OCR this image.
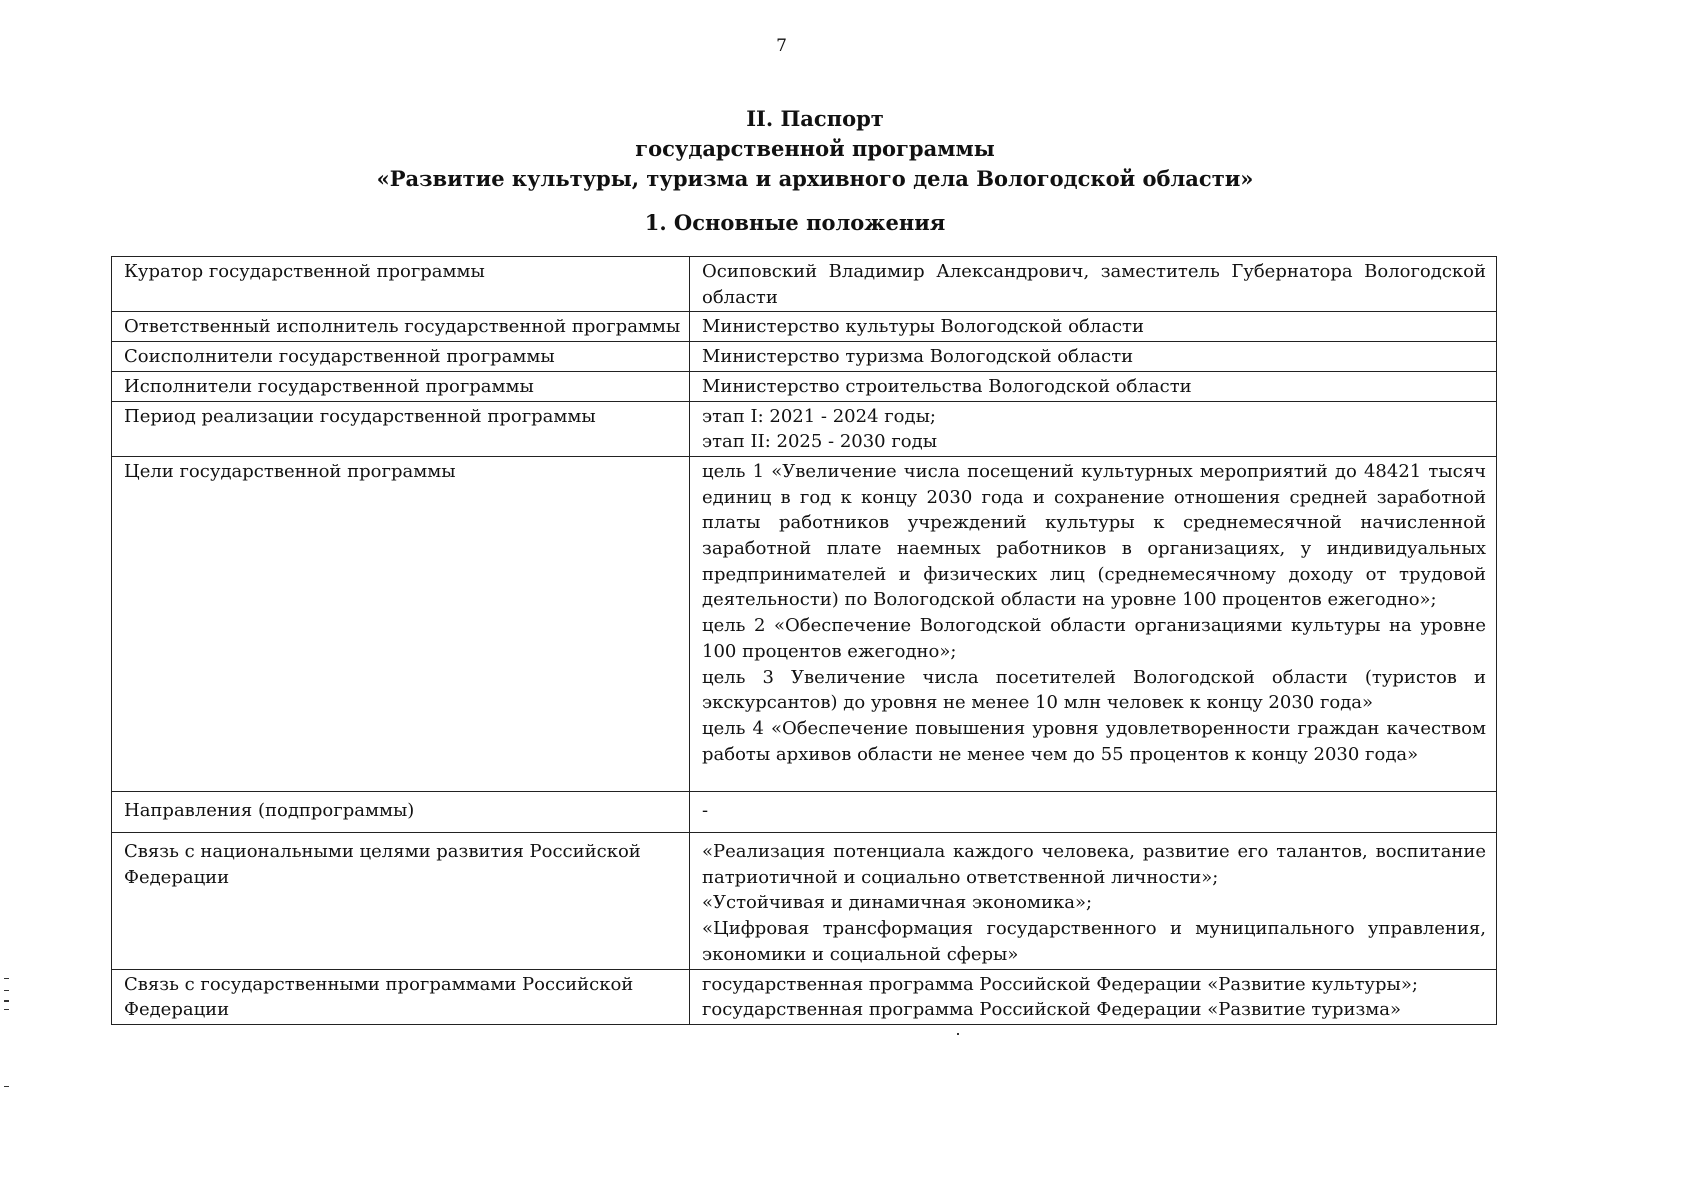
7
II. Паспорт
государственной программы
«Развитие культуры, туризма и архивного дела Вологодской области»
1. Основные положения
Куратор государственной программы	Осиповский Владимир Александрович, заместитель Губернатора Вологодской области

Ответственный исполнитель государственной программы	Министерство культуры Вологодской области

Соисполнители государственной программы	Министерство туризма Вологодской области

Исполнители государственной программы	Министерство строительства Вологодской области

Период реализации государственной программы	этап I: 2021 - 2024 годы;
этап II: 2025 - 2030 годы

Цели государственной программы	цель 1 «Увеличение числа посещений культурных мероприятий до 48421 тысяч единиц в год к концу 2030 года и сохранение отношения средней заработной платы работников учреждений культуры к среднемесячной начисленной заработной плате наемных работников в организациях, у индивидуальных предпринимателей и физических лиц (среднемесячному доходу от трудовой деятельности) по Вологодской области на уровне 100 процентов ежегодно»;
цель 2 «Обеспечение Вологодской области организациями культуры на уровне 100 процентов ежегодно»;
цель 3 Увеличение числа посетителей Вологодской области (туристов и экскурсантов) до уровня не менее 10 млн человек к концу 2030 года»
цель 4 «Обеспечение повышения уровня удовлетворенности граждан качеством работы архивов области не менее чем до 55 процентов к концу 2030 года»

Направления (подпрограммы)	-

Связь с национальными целями развития Российской Федерации	«Реализация потенциала каждого человека, развитие его талантов, воспитание патриотичной и социально ответственной личности»;
«Устойчивая и динамичная экономика»;
«Цифровая трансформация государственного и муниципального управления, экономики и социальной сферы»

Связь с государственными программами Российской Федерации	государственная программа Российской Федерации «Развитие культуры»;
государственная программа Российской Федерации «Развитие туризма»
